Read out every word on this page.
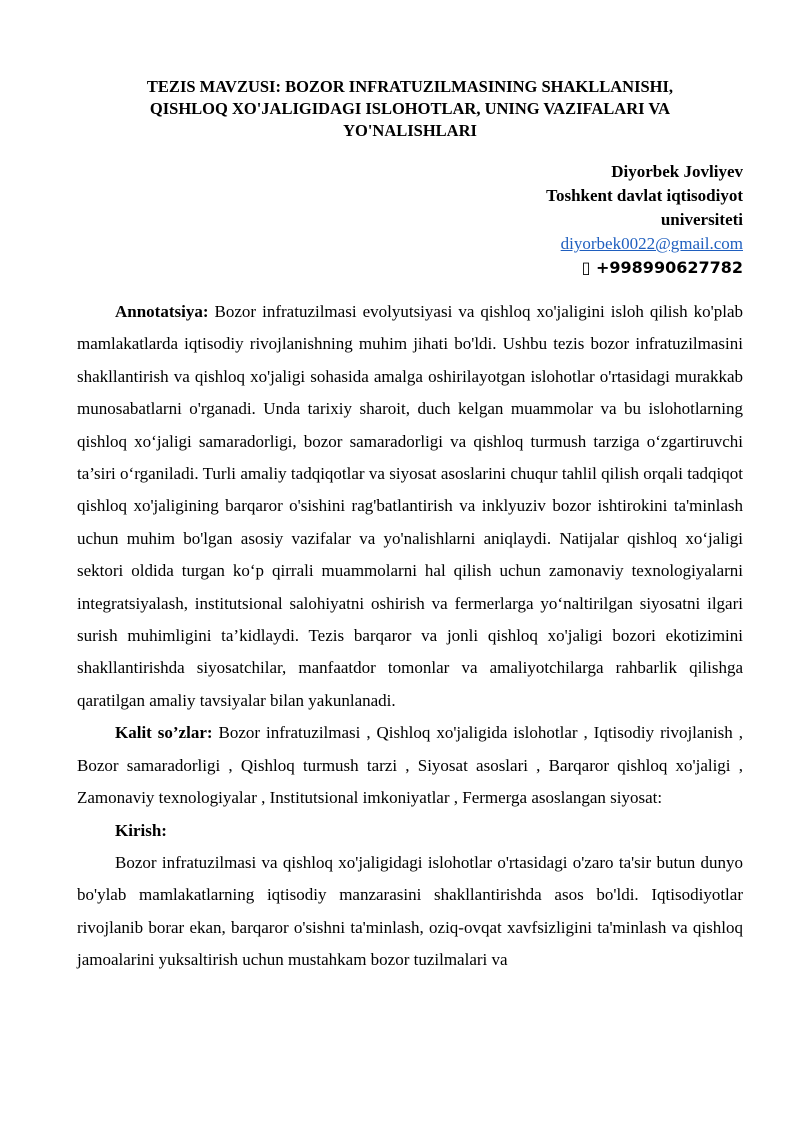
TEZIS MAVZUSI: BOZOR INFRATUZILMASINING SHAKLLANISHI,
QISHLOQ XO'JALIGIDAGI ISLOHOTLAR, UNING VAZIFALARI VA
YO'NALISHLARI
Diyorbek Jovliyev
Toshkent davlat iqtisodiyot
universiteti
diyorbek0022@gmail.com
▯ +998990627782

Annotatsiya: Bozor infratuzilmasi evolyutsiyasi va qishloq xo'jaligini isloh qilish ko'plab mamlakatlarda iqtisodiy rivojlanishning muhim jihati bo'ldi. Ushbu tezis bozor infratuzilmasini shakllantirish va qishloq xo'jaligi sohasida amalga oshirilayotgan islohotlar o'rtasidagi murakkab munosabatlarni o'rganadi. Unda tarixiy sharoit, duch kelgan muammolar va bu islohotlarning qishloq xo‘jaligi samaradorligi, bozor samaradorligi va qishloq turmush tarziga o‘zgartiruvchi ta’siri o‘rganiladi. Turli amaliy tadqiqotlar va siyosat asoslarini chuqur tahlil qilish orqali tadqiqot qishloq xo'jaligining barqaror o'sishini rag'batlantirish va inklyuziv bozor ishtirokini ta'minlash uchun muhim bo'lgan asosiy vazifalar va yo'nalishlarni aniqlaydi. Natijalar qishloq xo‘jaligi sektori oldida turgan ko‘p qirrali muammolarni hal qilish uchun zamonaviy texnologiyalarni integratsiyalash, institutsional salohiyatni oshirish va fermerlarga yo‘naltirilgan siyosatni ilgari surish muhimligini ta’kidlaydi. Tezis barqaror va jonli qishloq xo'jaligi bozori ekotizimini shakllantirishda siyosatchilar, manfaatdor tomonlar va amaliyotchilarga rahbarlik qilishga qaratilgan amaliy tavsiyalar bilan yakunlanadi.

Kalit so’zlar: Bozor infratuzilmasi , Qishloq xo'jaligida islohotlar , Iqtisodiy rivojlanish , Bozor samaradorligi , Qishloq turmush tarzi , Siyosat asoslari , Barqaror qishloq xo'jaligi , Zamonaviy texnologiyalar , Institutsional imkoniyatlar , Fermerga asoslangan siyosat:

Kirish:

Bozor infratuzilmasi va qishloq xo'jaligidagi islohotlar o'rtasidagi o'zaro ta'sir butun dunyo bo'ylab mamlakatlarning iqtisodiy manzarasini shakllantirishda asos bo'ldi. Iqtisodiyotlar rivojlanib borar ekan, barqaror o'sishni ta'minlash, oziq-ovqat xavfsizligini ta'minlash va qishloq jamoalarini yuksaltirish uchun mustahkam bozor tuzilmalari va
